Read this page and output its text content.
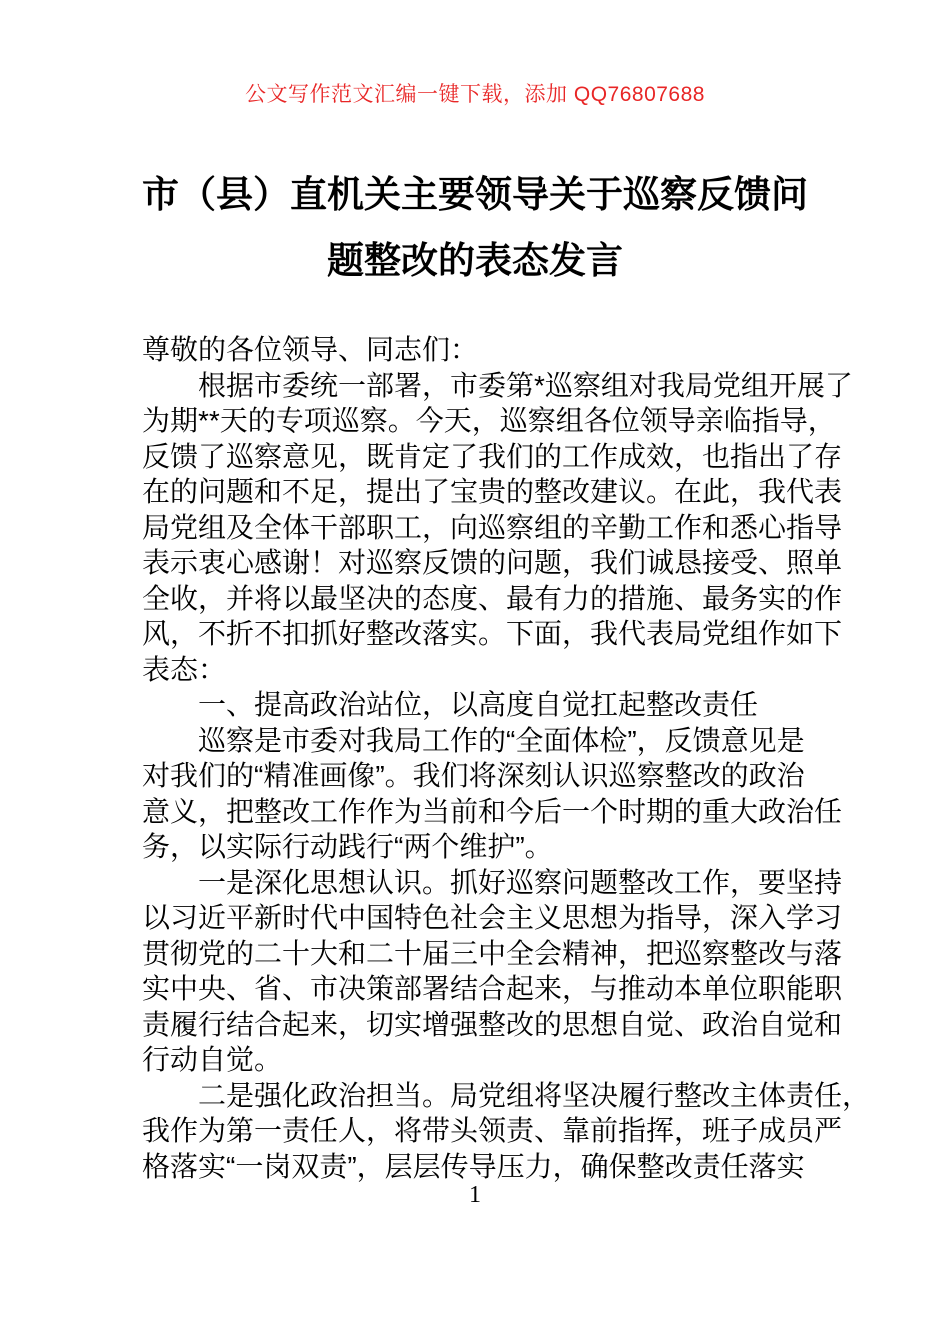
公文写作范文汇编一键下载，添加 QQ76807688
市（县）直机关主要领导关于巡察反馈问
题整改的表态发言
尊敬的各位领导、同志们：
根据市委统一部署，市委第*巡察组对我局党组开展了
为期**天的专项巡察。今天，巡察组各位领导亲临指导，
反馈了巡察意见，既肯定了我们的工作成效，也指出了存
在的问题和不足，提出了宝贵的整改建议。在此，我代表
局党组及全体干部职工，向巡察组的辛勤工作和悉心指导
表示衷心感谢！对巡察反馈的问题，我们诚恳接受、照单
全收，并将以最坚决的态度、最有力的措施、最务实的作
风，不折不扣抓好整改落实。下面，我代表局党组作如下
表态：
一、提高政治站位，以高度自觉扛起整改责任
巡察是市委对我局工作的“全面体检”，反馈意见是
对我们的“精准画像”。我们将深刻认识巡察整改的政治
意义，把整改工作作为当前和今后一个时期的重大政治任
务，以实际行动践行“两个维护”。
一是深化思想认识。抓好巡察问题整改工作，要坚持
以习近平新时代中国特色社会主义思想为指导，深入学习
贯彻党的二十大和二十届三中全会精神，把巡察整改与落
实中央、省、市决策部署结合起来，与推动本单位职能职
责履行结合起来，切实增强整改的思想自觉、政治自觉和
行动自觉。
二是强化政治担当。局党组将坚决履行整改主体责任，
我作为第一责任人，将带头领责、靠前指挥，班子成员严
格落实“一岗双责”，层层传导压力，确保整改责任落实
1
